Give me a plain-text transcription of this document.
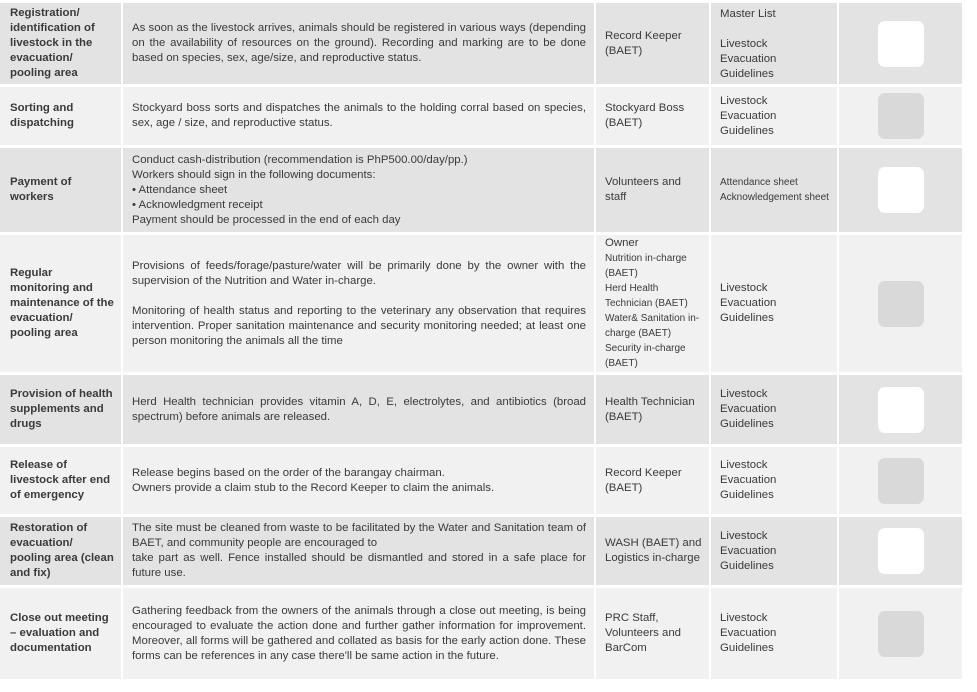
Registration/ identification of livestock in the evacuation/ pooling area
As soon as the livestock arrives, animals should be registered in various ways (depending on the availability of resources on the ground). Recording and marking are to be done based on species, sex, age/size, and reproductive status.
Record Keeper (BAET)
Master List
Livestock Evacuation Guidelines
Sorting and dispatching
Stockyard boss sorts and dispatches the animals to the holding corral based on species, sex, age / size, and reproductive status.
Stockyard Boss (BAET)
Livestock Evacuation Guidelines
Payment of workers
Conduct cash-distribution (recommendation is PhP500.00/day/pp.)
Workers should sign in the following documents:
• Attendance sheet
• Acknowledgment receipt
Payment should be processed in the end of each day
Volunteers and staff
Attendance sheet
Acknowledgement sheet
Regular monitoring and maintenance of the evacuation/ pooling area
Provisions of feeds/forage/pasture/water will be primarily done by the owner with the supervision of the Nutrition and Water in-charge.
Monitoring of health status and reporting to the veterinary any observation that requires intervention. Proper sanitation maintenance and security monitoring needed; at least one person monitoring the animals all the time
Owner
Nutrition in-charge (BAET)
Herd Health Technician (BAET)
Water& Sanitation in-charge (BAET)
Security in-charge (BAET)
Livestock Evacuation Guidelines
Provision of health supplements and drugs
Herd Health technician provides vitamin A, D, E, electrolytes, and antibiotics (broad spectrum) before animals are released.
Health Technician (BAET)
Livestock Evacuation Guidelines
Release of livestock after end of emergency
Release begins based on the order of the barangay chairman.
Owners provide a claim stub to the Record Keeper to claim the animals.
Record Keeper (BAET)
Livestock Evacuation Guidelines
Restoration of evacuation/ pooling area (clean and fix)
The site must be cleaned from waste to be facilitated by the Water and Sanitation team of BAET, and community people are encouraged to
take part as well. Fence installed should be dismantled and stored in a safe place for future use.
WASH (BAET) and Logistics in-charge
Livestock Evacuation Guidelines
Close out meeting – evaluation and documentation
Gathering feedback from the owners of the animals through a close out meeting, is being encouraged to evaluate the action done and further gather information for improvement. Moreover, all forms will be gathered and collated as basis for the early action done. These forms can be references in any case there'll be same action in the future.
PRC Staff, Volunteers and BarCom
Livestock Evacuation Guidelines
